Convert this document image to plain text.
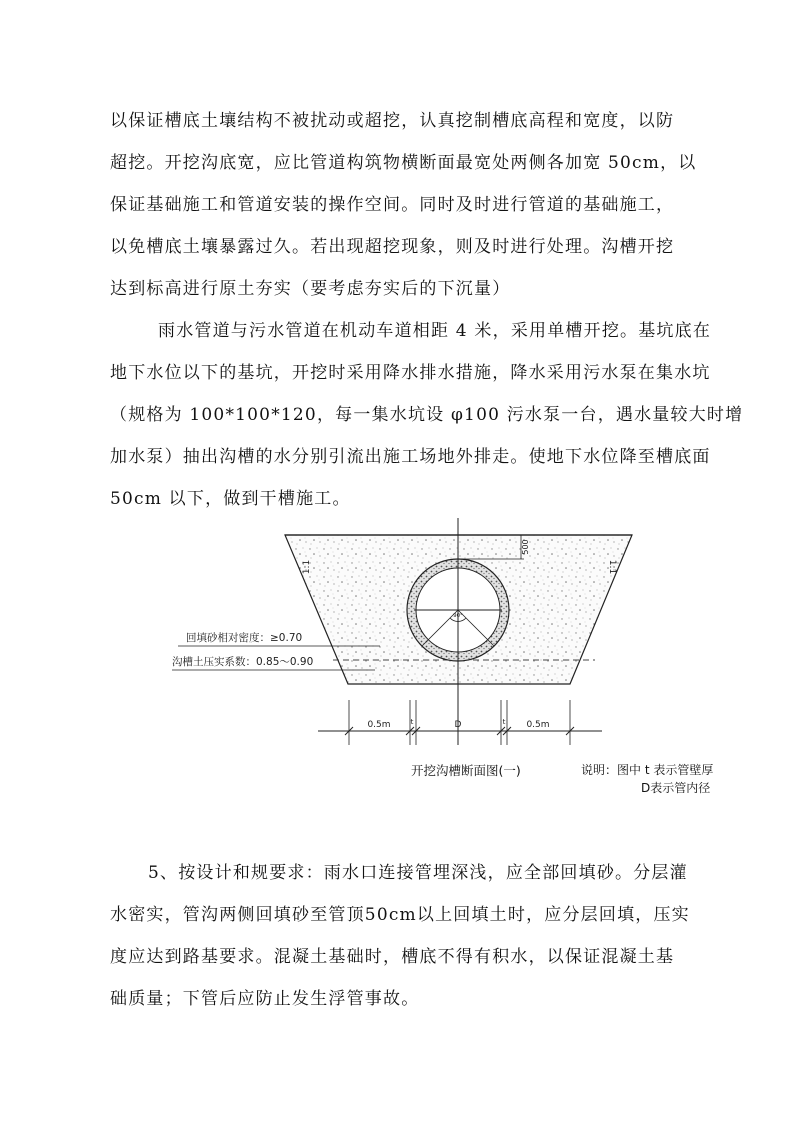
以保证槽底土壤结构不被扰动或超挖，认真挖制槽底高程和宽度，以防
超挖。开挖沟底宽，应比管道构筑物横断面最宽处两侧各加宽 50cm，以
保证基础施工和管道安装的操作空间。同时及时进行管道的基础施工，
以免槽底土壤暴露过久。若出现超挖现象，则及时进行处理。沟槽开挖
达到标高进行原土夯实（要考虑夯实后的下沉量）
雨水管道与污水管道在机动车道相距 4 米，采用单槽开挖。基坑底在
地下水位以下的基坑，开挖时采用降水排水措施，降水采用污水泵在集水坑
（规格为 100*100*120，每一集水坑设 φ100 污水泵一台，遇水量较大时增
加水泵）抽出沟槽的水分别引流出施工场地外排走。使地下水位降至槽底面
50cm 以下，做到干槽施工。
90°
500
1:1	1:1
回填砂相对密度：≥0.70
沟槽土压实系数：0.85～0.90
0.5m	t	D	t 0.5m
开挖沟槽断面图(一)	说明：图中 t 表示管壁厚
D表示管内径
5、按设计和规要求：雨水口连接管埋深浅，应全部回填砂。分层灌
水密实，管沟两侧回填砂至管顶50cm以上回填土时，应分层回填，压实
度应达到路基要求。混凝土基础时，槽底不得有积水，以保证混凝土基
础质量；下管后应防止发生浮管事故。
